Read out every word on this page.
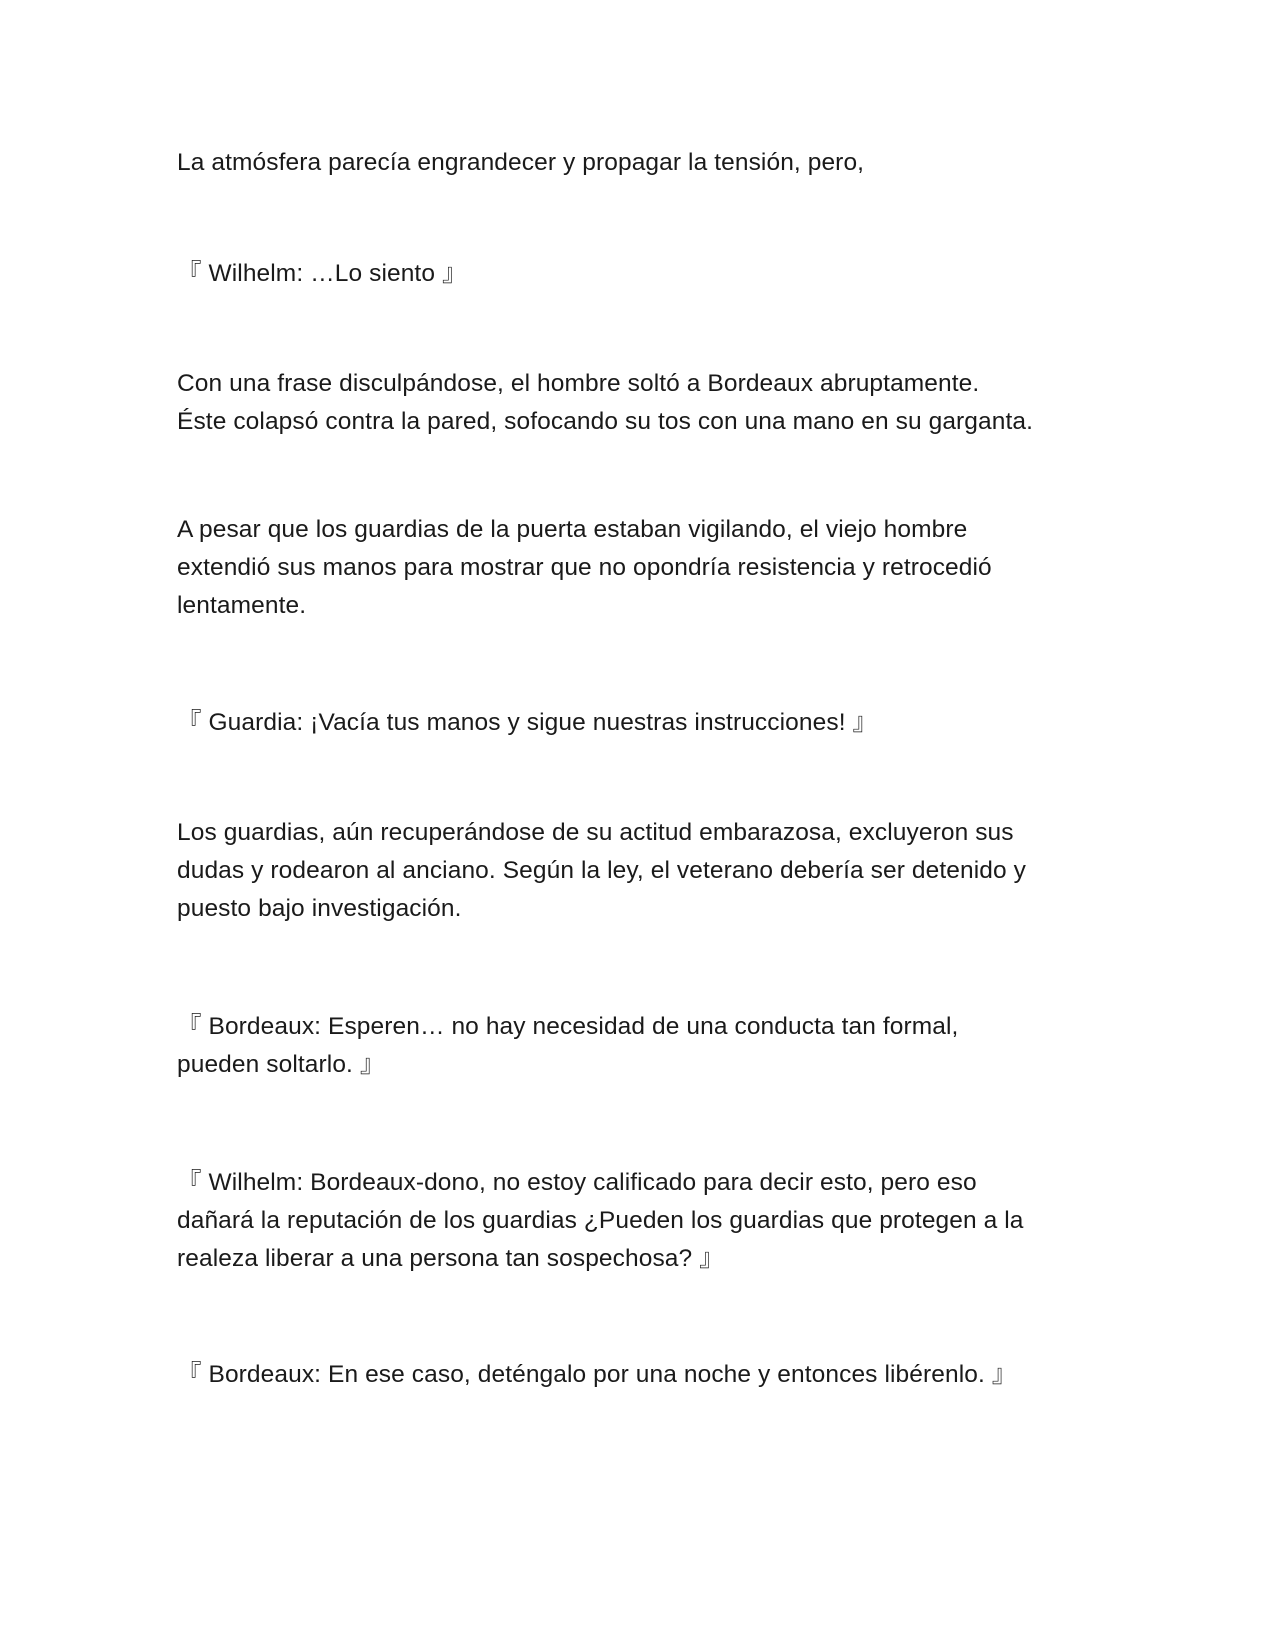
La atmósfera parecía engrandecer y propagar la tensión, pero,

『 Wilhelm: …Lo siento 』

Con una frase disculpándose, el hombre soltó a Bordeaux abruptamente.
Éste colapsó contra la pared, sofocando su tos con una mano en su garganta.

A pesar que los guardias de la puerta estaban vigilando, el viejo hombre
extendió sus manos para mostrar que no opondría resistencia y retrocedió
lentamente.

『 Guardia: ¡Vacía tus manos y sigue nuestras instrucciones! 』

Los guardias, aún recuperándose de su actitud embarazosa, excluyeron sus
dudas y rodearon al anciano. Según la ley, el veterano debería ser detenido y
puesto bajo investigación.

『 Bordeaux: Esperen… no hay necesidad de una conducta tan formal,
pueden soltarlo. 』

『 Wilhelm: Bordeaux-dono, no estoy calificado para decir esto, pero eso
dañará la reputación de los guardias ¿Pueden los guardias que protegen a la
realeza liberar a una persona tan sospechosa? 』

『 Bordeaux: En ese caso, deténgalo por una noche y entonces libérenlo. 』
